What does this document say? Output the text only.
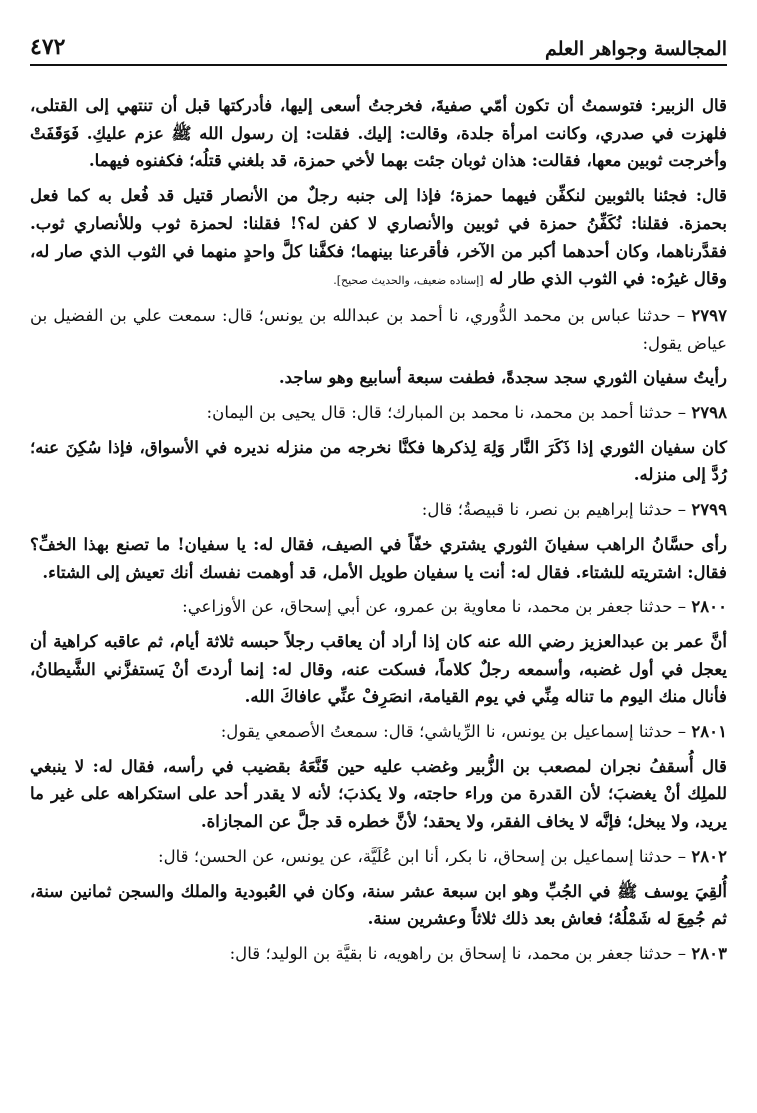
المجالسة وجواهر العلم
٤٧٢

قال الزبير: فتوسمتُ أن تكون أمّي صفيةَ، فخرجتُ أسعى إليها، فأدركتها قبل أن تنتهي إلى القتلى، فلهزت في صدري، وكانت امرأة جلدة، وقالت: إليك. فقلت: إن رسول الله ﷺ عزم عليكِ. فَوَقَفَتْ وأخرجت ثوبين معها، فقالت: هذان ثوبان جئت بهما لأخي حمزة، قد بلغني قتلُه؛ فكفنوه فيهما.

قال: فجئنا بالثوبين لنكفِّن فيهما حمزة؛ فإذا إلى جنبه رجلٌ من الأنصار قتيل قد فُعل به كما فعل بحمزة. فقلنا: نُكَفِّنُ حمزة في ثوبين والأنصاري لا كفن له؟! فقلنا: لحمزة ثوب وللأنصاري ثوب. فقدَّرناهما، وكان أحدهما أكبر من الآخر، فأقرعنا بينهما؛ فكفَّنا كلَّ واحدٍ منهما في الثوب الذي صار له، وقال غيرُه: في الثوب الذي طار له [إسناده ضعيف، والحديث صحيح].

٢٧٩٧ – حدثنا عباس بن محمد الدُّوري، نا أحمد بن عبدالله بن يونس؛ قال: سمعت علي بن الفضيل بن عياض يقول:

رأيتُ سفيان الثوري سجد سجدةً، فطفت سبعة أسابيع وهو ساجد.

٢٧٩٨ – حدثنا أحمد بن محمد، نا محمد بن المبارك؛ قال: قال يحيى بن اليمان:

كان سفيان الثوري إذا ذَكَرَ النَّار وَلِهَ لِذكرها فكنَّا نخرجه من منزله نديره في الأسواق، فإذا سُكِنَ عنه؛ رُدَّ إلى منزله.

٢٧٩٩ – حدثنا إبراهيم بن نصر، نا قبيصةُ؛ قال:

رأى حسَّانُ الراهب سفيانَ الثوري يشتري خفّاً في الصيف، فقال له: يا سفيان! ما تصنع بهذا الخفِّ؟ فقال: اشتريته للشتاء. فقال له: أنت يا سفيان طويل الأمل، قد أوهمت نفسك أنك تعيش إلى الشتاء.

٢٨٠٠ – حدثنا جعفر بن محمد، نا معاوية بن عمرو، عن أبي إسحاق، عن الأوزاعي:

أنَّ عمر بن عبدالعزيز رضي الله عنه كان إذا أراد أن يعاقب رجلاً حبسه ثلاثة أيام، ثم عاقبه كراهية أن يعجل في أول غضبه، وأسمعه رجلٌ كلاماً، فسكت عنه، وقال له: إنما أردتَ أنْ يَستفزَّني الشَّيطانُ، فأنال منك اليوم ما تناله مِنِّي في يوم القيامة، انصَرِفْ عنِّي عافاكَ الله.

٢٨٠١ – حدثنا إسماعيل بن يونس، نا الرِّياشي؛ قال: سمعتُ الأصمعي يقول:

قال أُسقفُ نجران لمصعب بن الزُّبير وغضب عليه حين قَنَّعَهُ بقضيب في رأسه، فقال له: لا ينبغي للملِك أنْ يغضبَ؛ لأن القدرة من وراء حاجته، ولا يكذبَ؛ لأنه لا يقدر أحد على استكراهه على غير ما يريد، ولا يبخل؛ فإنَّه لا يخاف الفقر، ولا يحقد؛ لأنَّ خطره قد جلَّ عن المجازاة.

٢٨٠٢ – حدثنا إسماعيل بن إسحاق، نا بكر، أنا ابن عُلَيَّة، عن يونس، عن الحسن؛ قال:

أُلقِيَ يوسف ﷺ في الجُبِّ وهو ابن سبعة عشر سنة، وكان في العُبودية والملك والسجن ثمانين سنة، ثم جُمِعَ له شَمْلُهُ؛ فعاش بعد ذلك ثلاثاً وعشرين سنة.

٢٨٠٣ – حدثنا جعفر بن محمد، نا إسحاق بن راهويه، نا بقيَّة بن الوليد؛ قال:
